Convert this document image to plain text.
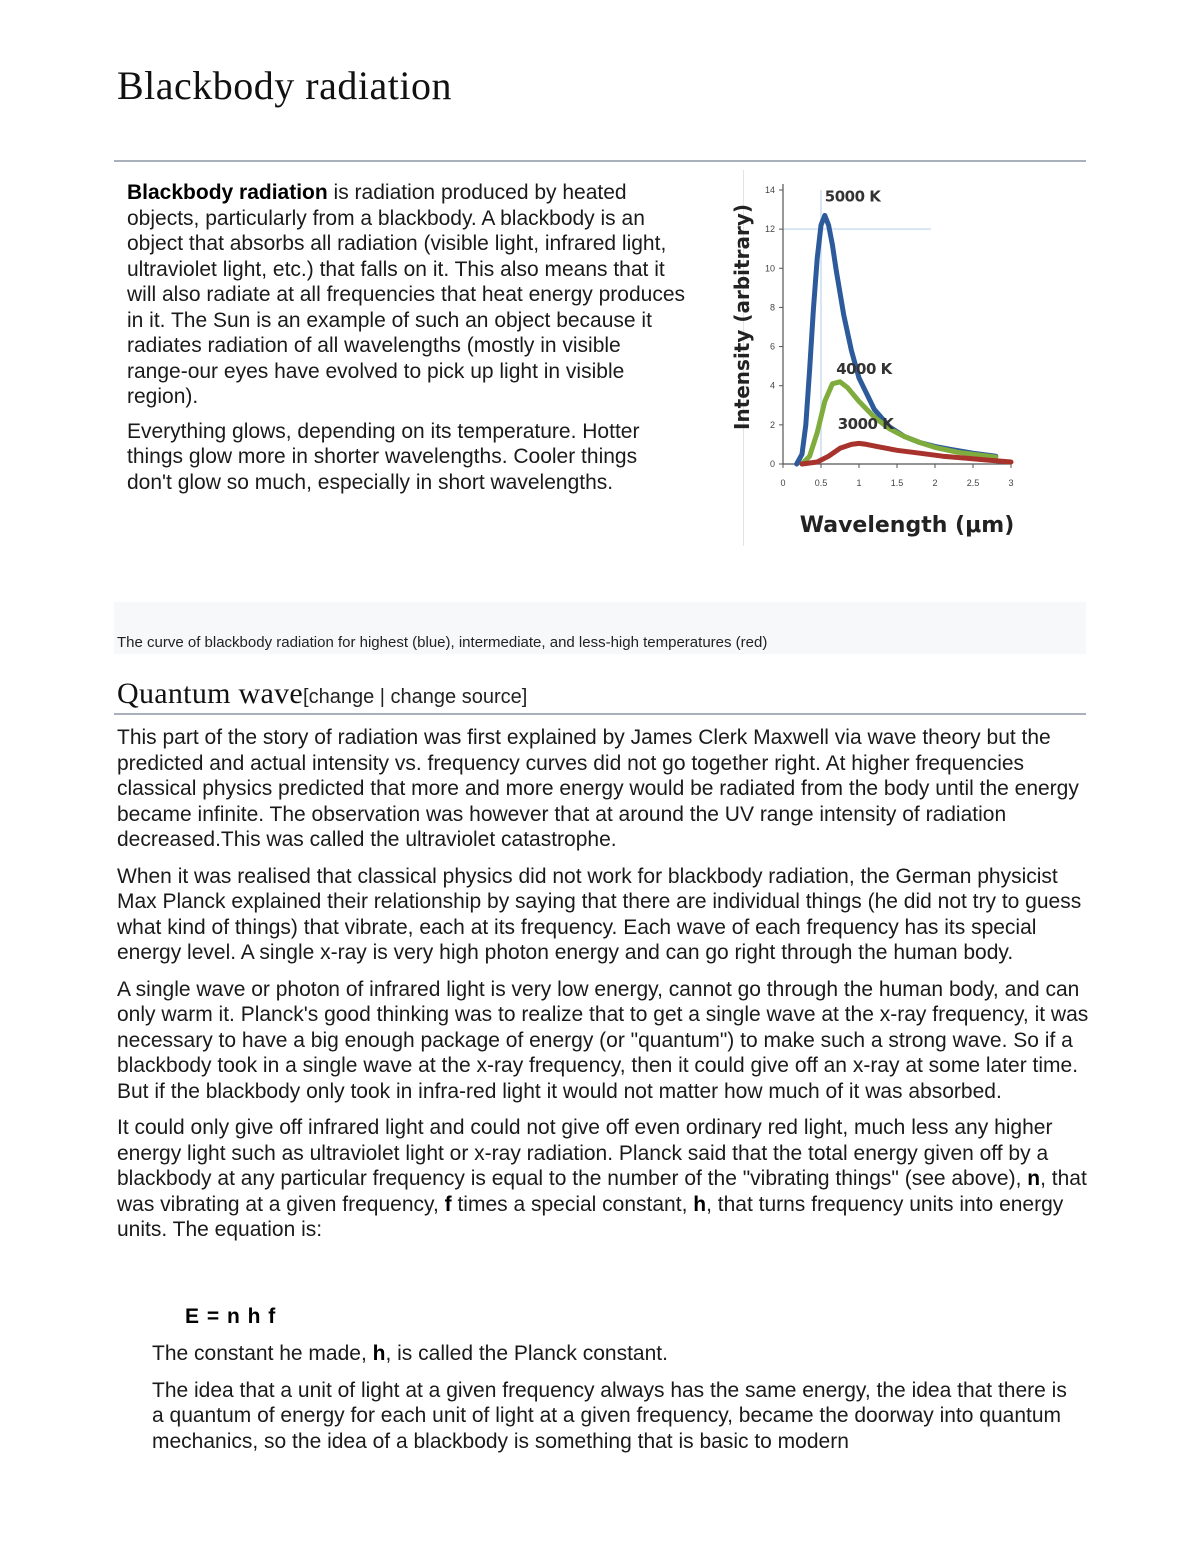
Blackbody radiation

Blackbody radiation is radiation produced by heated objects, particularly from a blackbody. A blackbody is an object that absorbs all radiation (visible light, infrared light, ultraviolet light, etc.) that falls on it. This also means that it will also radiate at all frequencies that heat energy produces in it. The Sun is an example of such an object because it radiates radiation of all wavelengths (mostly in visible range-our eyes have evolved to pick up light in visible region).

Everything glows, depending on its temperature. Hotter things glow more in shorter wavelengths. Cooler things don't glow so much, especially in short wavelengths.

0
2
4
6
8
10
12
14
0	0.5	1	1.5	2	2.5	3
Wavelength (μm)
Intensity (arbitrary)
5000 K
4000 K
3000 K

The curve of blackbody radiation for highest (blue), intermediate, and less-high temperatures (red)

Quantum wave[change | change source]

This part of the story of radiation was first explained by James Clerk Maxwell via wave theory but the predicted and actual intensity vs. frequency curves did not go together right. At higher frequencies classical physics predicted that more and more energy would be radiated from the body until the energy became infinite. The observation was however that at around the UV range intensity of radiation decreased.This was called the ultraviolet catastrophe.

When it was realised that classical physics did not work for blackbody radiation, the German physicist Max Planck explained their relationship by saying that there are individual things (he did not try to guess what kind of things) that vibrate, each at its frequency. Each wave of each frequency has its special energy level. A single x-ray is very high photon energy and can go right through the human body.

A single wave or photon of infrared light is very low energy, cannot go through the human body, and can only warm it. Planck's good thinking was to realize that to get a single wave at the x-ray frequency, it was necessary to have a big enough package of energy (or "quantum") to make such a strong wave. So if a blackbody took in a single wave at the x-ray frequency, then it could give off an x-ray at some later time. But if the blackbody only took in infra-red light it would not matter how much of it was absorbed.

It could only give off infrared light and could not give off even ordinary red light, much less any higher energy light such as ultraviolet light or x-ray radiation. Planck said that the total energy given off by a blackbody at any particular frequency is equal to the number of the "vibrating things" (see above), n, that was vibrating at a given frequency, f times a special constant, h, that turns frequency units into energy units. The equation is:

E = n h f

The constant he made, h, is called the Planck constant.

The idea that a unit of light at a given frequency always has the same energy, the idea that there is a quantum of energy for each unit of light at a given frequency, became the doorway into quantum mechanics, so the idea of a blackbody is something that is basic to modern
